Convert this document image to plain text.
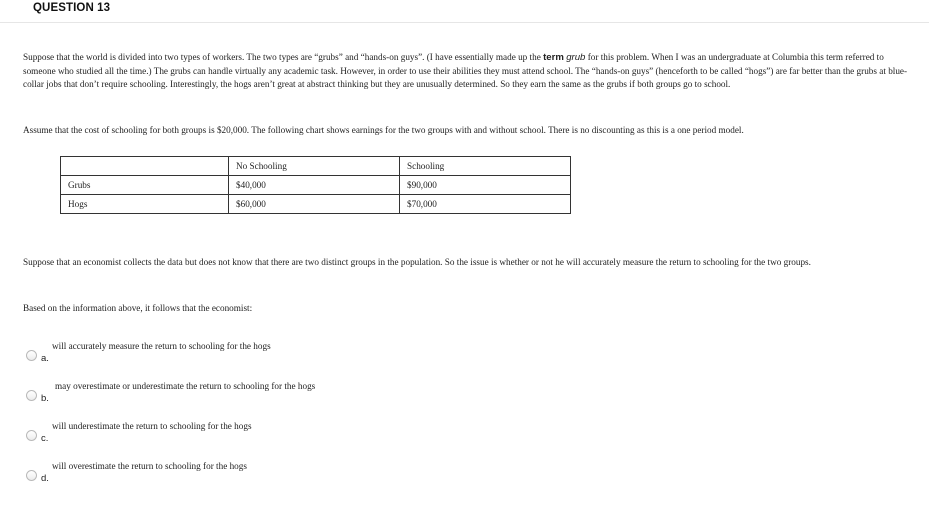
QUESTION 13
Suppose that the world is divided into two types of workers. The two types are “grubs” and “hands-on guys”. (I have essentially made up the term grub for this problem. When I was an undergraduate at Columbia this term referred to someone who studied all the time.) The grubs can handle virtually any academic task. However, in order to use their abilities they must attend school. The “hands-on guys” (henceforth to be called “hogs”) are far better than the grubs at blue-collar jobs that don’t require schooling. Interestingly, the hogs aren’t great at abstract thinking but they are unusually determined. So they earn the same as the grubs if both groups go to school.
Assume that the cost of schooling for both groups is $20,000. The following chart shows earnings for the two groups with and without school. There is no discounting as this is a one period model.
	No Schooling	Schooling
Grubs	$40,000	$90,000
Hogs	$60,000	$70,000
Suppose that an economist collects the data but does not know that there are two distinct groups in the population. So the issue is whether or not he will accurately measure the return to schooling for the two groups.
Based on the information above, it follows that the economist:
a.
will accurately measure the return to schooling for the hogs
b.
may overestimate or underestimate the return to schooling for the hogs
c.
will underestimate the return to schooling for the hogs
d.
will overestimate the return to schooling for the hogs
